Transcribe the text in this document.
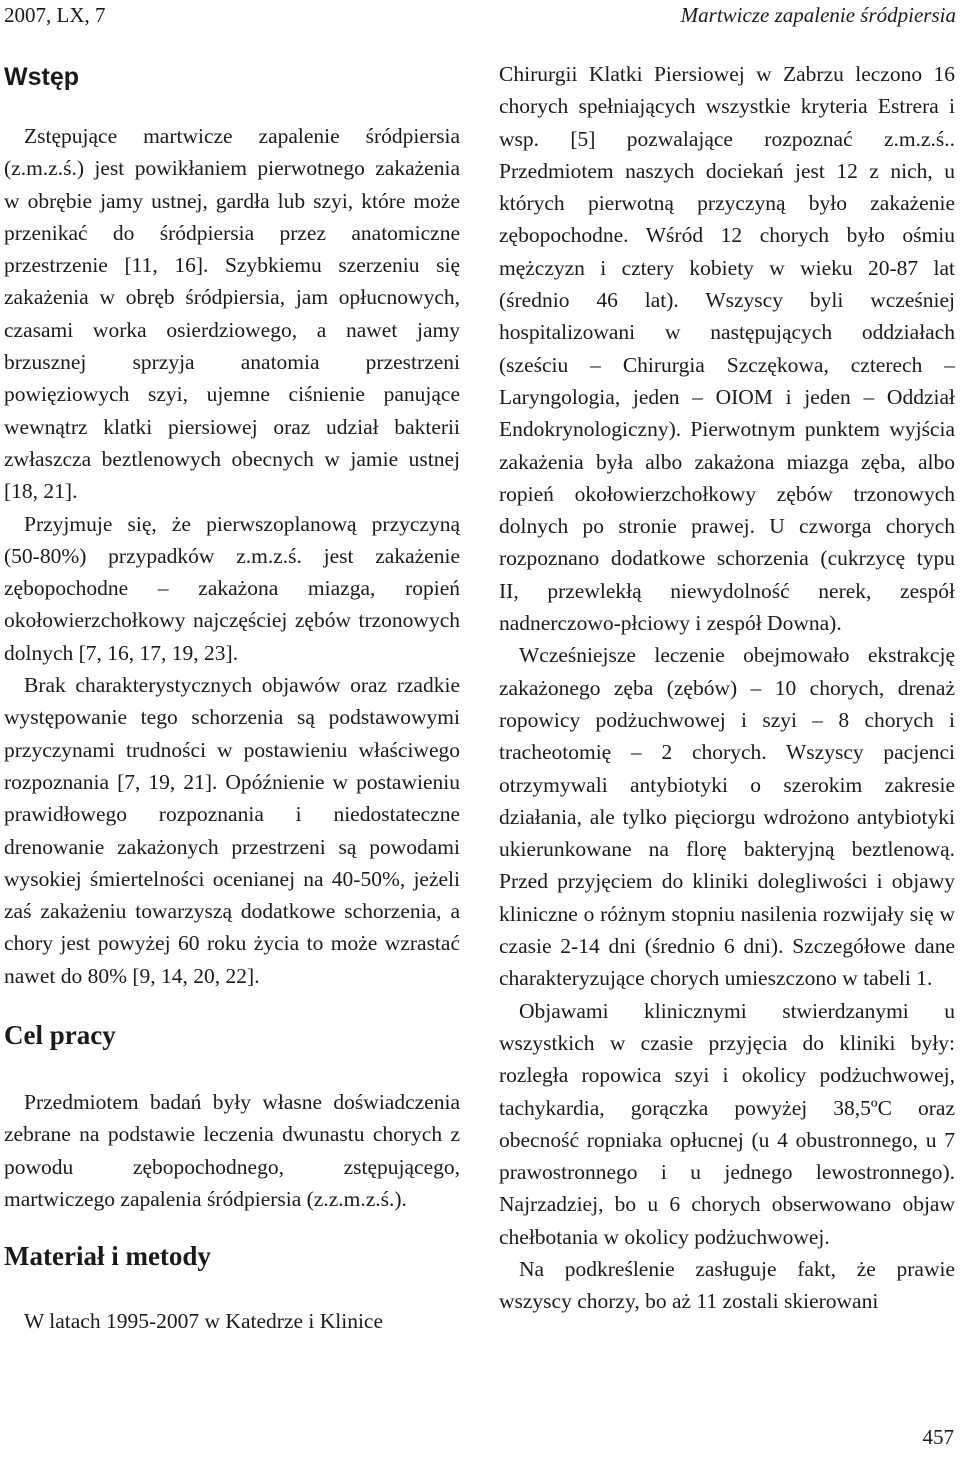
2007, LX, 7	Martwicze zapalenie śródpiersia
Wstęp

Zstępujące martwicze zapalenie śródpiersia (z.m.z.ś.) jest powikłaniem pierwotnego zakażenia w obrębie jamy ustnej, gardła lub szyi, które może przenikać do śródpiersia przez anatomiczne przestrzenie [11, 16]. Szybkiemu szerzeniu się zakażenia w obręb śródpiersia, jam opłucnowych, czasami worka osierdziowego, a nawet jamy brzusznej sprzyja anatomia przestrzeni powięziowych szyi, ujemne ciśnienie panujące wewnątrz klatki piersiowej oraz udział bakterii zwłaszcza beztlenowych obecnych w jamie ustnej [18, 21].

Przyjmuje się, że pierwszoplanową przyczyną (50-80%) przypadków z.m.z.ś. jest zakażenie zębopochodne – zakażona miazga, ropień okołowierzchołkowy najczęściej zębów trzonowych dolnych [7, 16, 17, 19, 23].

Brak charakterystycznych objawów oraz rzadkie występowanie tego schorzenia są podstawowymi przyczynami trudności w postawieniu właściwego rozpoznania [7, 19, 21]. Opóźnienie w postawieniu prawidłowego rozpoznania i niedostateczne drenowanie zakażonych przestrzeni są powodami wysokiej śmiertelności ocenianej na 40-50%, jeżeli zaś zakażeniu towarzyszą dodatkowe schorzenia, a chory jest powyżej 60 roku życia to może wzrastać nawet do 80% [9, 14, 20, 22].

Cel pracy

Przedmiotem badań były własne doświadczenia zebrane na podstawie leczenia dwunastu chorych z powodu zębopochodnego, zstępującego, martwiczego zapalenia śródpiersia (z.z.m.z.ś.).

Materiał i metody

W latach 1995-2007 w Katedrze i Klinice

Chirurgii Klatki Piersiowej w Zabrzu leczono 16 chorych spełniających wszystkie kryteria Estrera i wsp. [5] pozwalające rozpoznać z.m.z.ś.. Przedmiotem naszych dociekań jest 12 z nich, u których pierwotną przyczyną było zakażenie zębopochodne. Wśród 12 chorych było ośmiu mężczyzn i cztery kobiety w wieku 20-87 lat (średnio 46 lat). Wszyscy byli wcześniej hospitalizowani w następujących oddziałach (sześciu – Chirurgia Szczękowa, czterech – Laryngologia, jeden – OIOM i jeden – Oddział Endokrynologiczny). Pierwotnym punktem wyjścia zakażenia była albo zakażona miazga zęba, albo ropień okołowierzchołkowy zębów trzonowych dolnych po stronie prawej. U czworga chorych rozpoznano dodatkowe schorzenia (cukrzycę typu II, przewlekłą niewydolność nerek, zespół nadnerczowo-płciowy i zespół Downa).

Wcześniejsze leczenie obejmowało ekstrakcję zakażonego zęba (zębów) – 10 chorych, drenaż ropowicy podżuchwowej i szyi – 8 chorych i tracheotomię – 2 chorych. Wszyscy pacjenci otrzymywali antybiotyki o szerokim zakresie działania, ale tylko pięciorgu wdrożono antybiotyki ukierunkowane na florę bakteryjną beztlenową. Przed przyjęciem do kliniki dolegliwości i objawy kliniczne o różnym stopniu nasilenia rozwijały się w czasie 2-14 dni (średnio 6 dni). Szczegółowe dane charakteryzujące chorych umieszczono w tabeli 1.

Objawami klinicznymi stwierdzanymi u wszystkich w czasie przyjęcia do kliniki były: rozległa ropowica szyi i okolicy podżuchwowej, tachykardia, gorączka powyżej 38,5ºC oraz obecność ropniaka opłucnej (u 4 obustronnego, u 7 prawostronnego i u jednego lewostronnego). Najrzadziej, bo u 6 chorych obserwowano objaw chełbotania w okolicy podżuchwowej.

Na podkreślenie zasługuje fakt, że prawie wszyscy chorzy, bo aż 11 zostali skierowani

457
